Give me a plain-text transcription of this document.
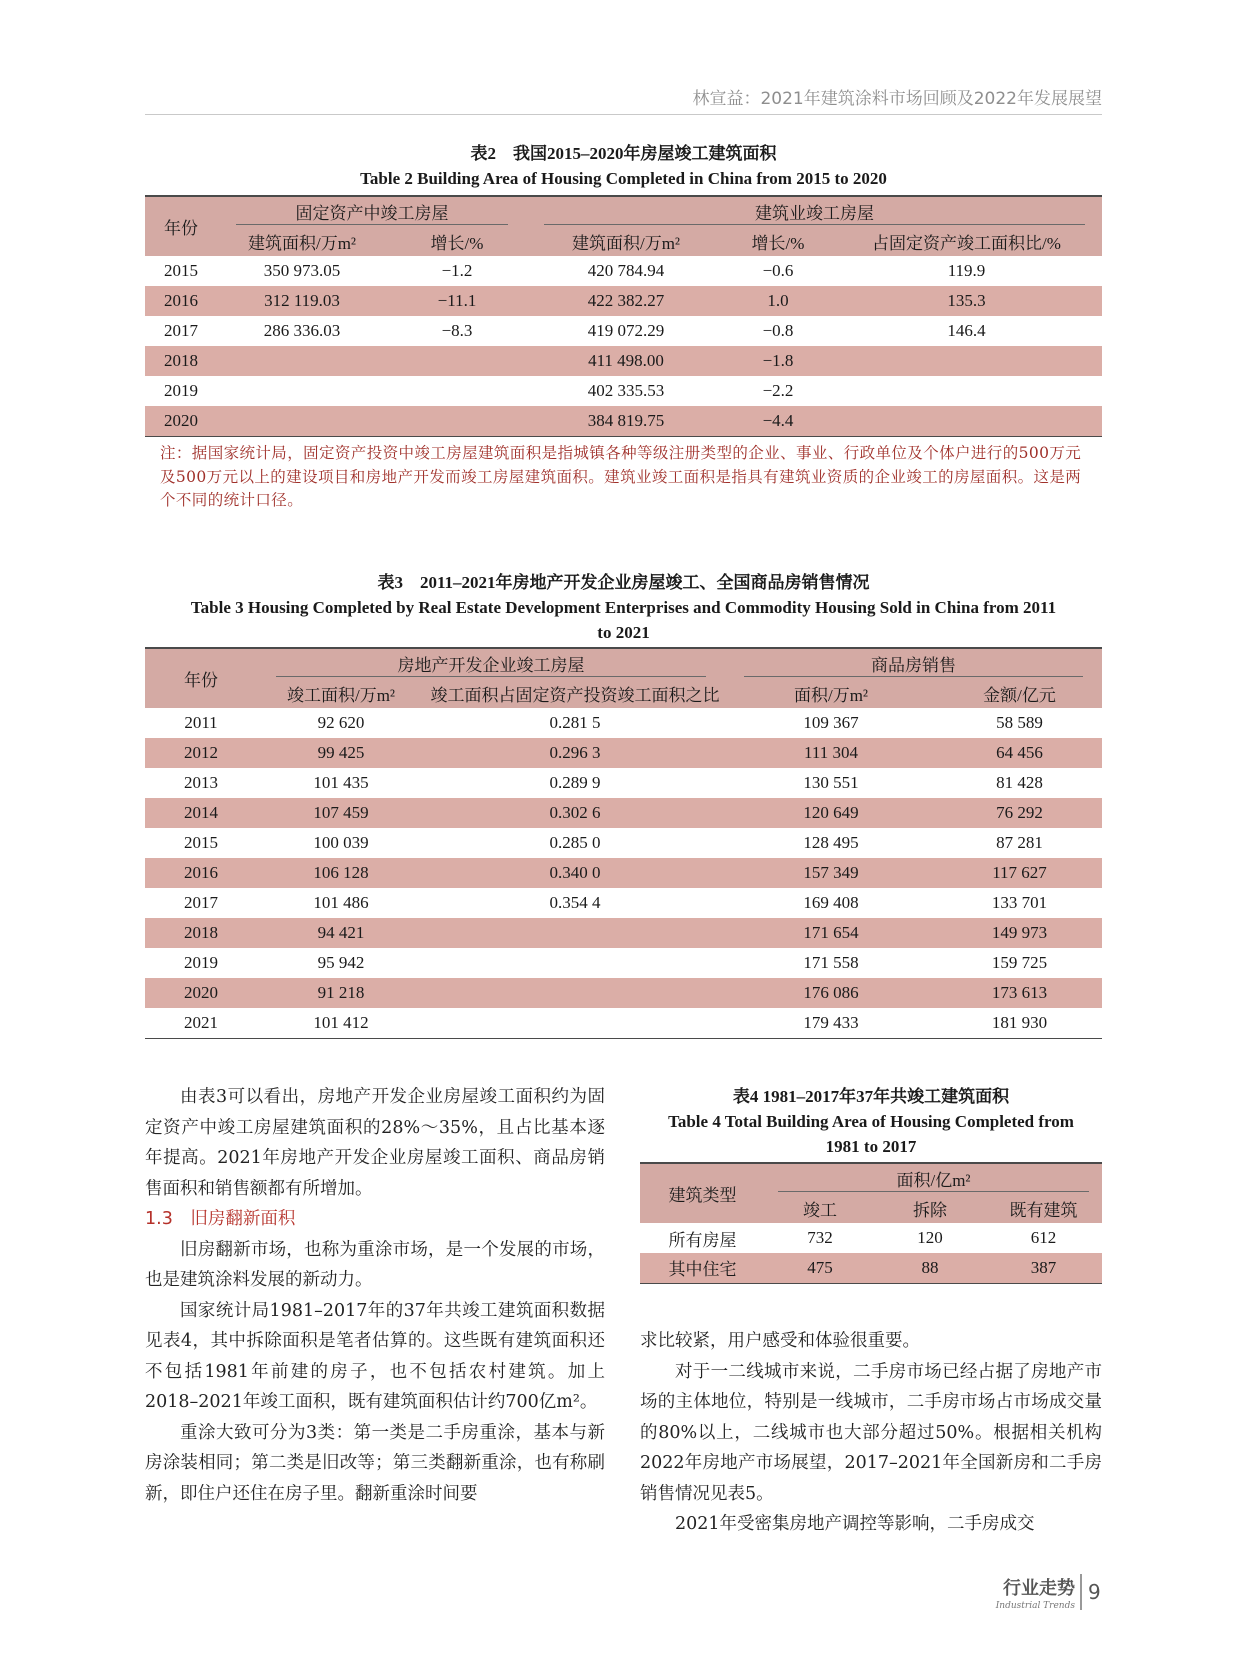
林宣益：2021年建筑涂料市场回顾及2022年发展展望
表2　我国2015–2020年房屋竣工建筑面积
Table 2 Building Area of Housing Completed in China from 2015 to 2020
年份	固定资产中竣工房屋		建筑业竣工房屋		
	建筑面积/万m²	增长/%	建筑面积/万m²	增长/%	占固定资产竣工面积比/%
2015	350 973.05	−1.2	420 784.94	−0.6	119.9
2016	312 119.03	−11.1	422 382.27	1.0	135.3
2017	286 336.03	−8.3	419 072.29	−0.8	146.4
2018			411 498.00	−1.8	
2019			402 335.53	−2.2	
2020			384 819.75	−4.4	
注：据国家统计局，固定资产投资中竣工房屋建筑面积是指城镇各种等级注册类型的企业、事业、行政单位及个体户进行的500万元及500万元以上的建设项目和房地产开发而竣工房屋建筑面积。建筑业竣工面积是指具有建筑业资质的企业竣工的房屋面积。这是两个不同的统计口径。
表3　2011–2021年房地产开发企业房屋竣工、全国商品房销售情况
Table 3 Housing Completed by Real Estate Development Enterprises and Commodity Housing Sold in China from 2011
to 2021
年份	房地产开发企业竣工房屋		商品房销售	
	竣工面积/万m²	竣工面积占固定资产投资竣工面积之比	面积/万m²	金额/亿元
2011	92 620	0.281 5	109 367	58 589
2012	99 425	0.296 3	111 304	64 456
2013	101 435	0.289 9	130 551	81 428
2014	107 459	0.302 6	120 649	76 292
2015	100 039	0.285 0	128 495	87 281
2016	106 128	0.340 0	157 349	117 627
2017	101 486	0.354 4	169 408	133 701
2018	94 421		171 654	149 973
2019	95 942		171 558	159 725
2020	91 218		176 086	173 613
2021	101 412		179 433	181 930

由表3可以看出，房地产开发企业房屋竣工面积约为固定资产中竣工房屋建筑面积的28%～35%，且占比基本逐年提高。2021年房地产开发企业房屋竣工面积、商品房销售面积和销售额都有所增加。

1.3　旧房翻新面积

旧房翻新市场，也称为重涂市场，是一个发展的市场，也是建筑涂料发展的新动力。

国家统计局1981–2017年的37年共竣工建筑面积数据见表4，其中拆除面积是笔者估算的。这些既有建筑面积还不包括1981年前建的房子，也不包括农村建筑。加上2018–2021年竣工面积，既有建筑面积估计约700亿m²。

重涂大致可分为3类：第一类是二手房重涂，基本与新房涂装相同；第二类是旧改等；第三类翻新重涂，也有称刷新，即住户还住在房子里。翻新重涂时间要

表4 1981–2017年37年共竣工建筑面积
Table 4 Total Building Area of Housing Completed from
1981 to 2017
建筑类型	面积/亿m²		
	竣工	拆除	既有建筑
所有房屋	732	120	612
其中住宅	475	88	387

求比较紧，用户感受和体验很重要。

对于一二线城市来说，二手房市场已经占据了房地产市场的主体地位，特别是一线城市，二手房市场占市场成交量的80%以上，二线城市也大部分超过50%。根据相关机构2022年房地产市场展望，2017–2021年全国新房和二手房销售情况见表5。

2021年受密集房地产调控等影响，二手房成交

行业走势
Industrial Trends
9
